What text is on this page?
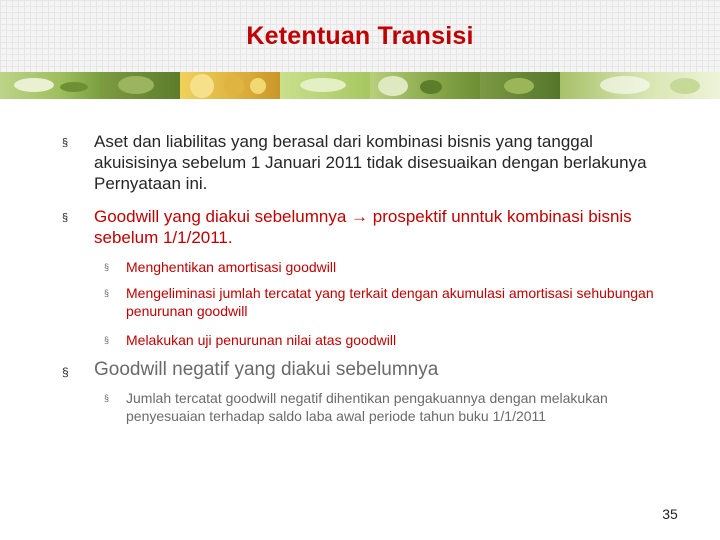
Ketentuan Transisi
§	Aset dan liabilitas yang berasal dari kombinasi bisnis yang tanggal akuisisinya sebelum 1 Januari 2011 tidak disesuaikan dengan berlakunya Pernyataan ini.
§	Goodwill yang diakui sebelumnya → prospektif unntuk kombinasi bisnis sebelum 1/1/2011.
§	Menghentikan amortisasi goodwill
§	Mengeliminasi jumlah tercatat yang terkait dengan akumulasi amortisasi sehubungan penurunan goodwill
§	Melakukan uji penurunan nilai atas goodwill
§	Goodwill negatif yang diakui sebelumnya
§	Jumlah tercatat goodwill negatif dihentikan pengakuannya dengan melakukan penyesuaian terhadap saldo laba awal periode tahun buku 1/1/2011
35
